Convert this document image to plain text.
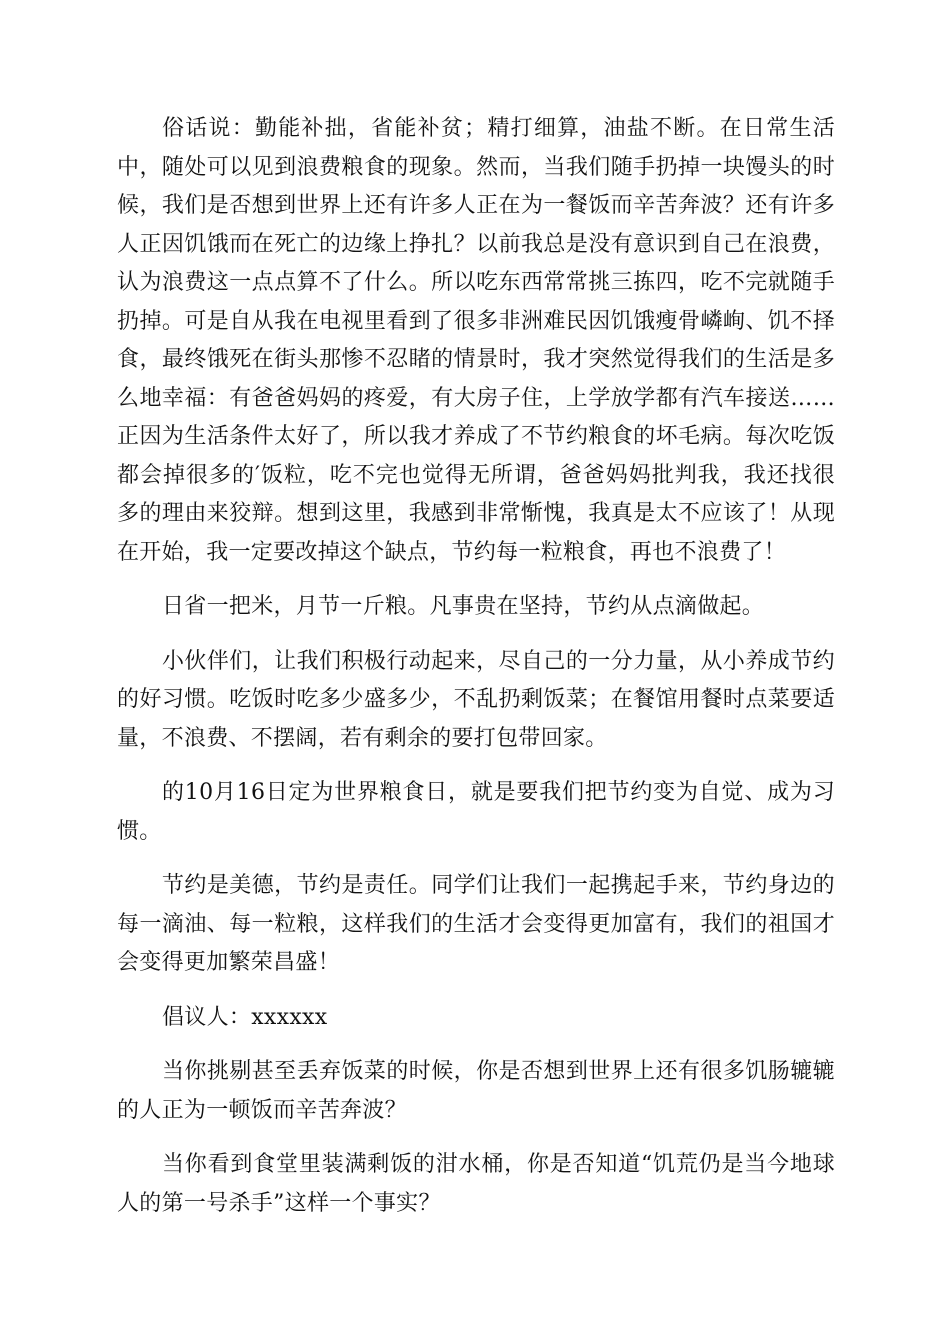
俗话说：勤能补拙，省能补贫；精打细算，油盐不断。在日常生活中，随处可以见到浪费粮食的现象。然而，当我们随手扔掉一块馒头的时候，我们是否想到世界上还有许多人正在为一餐饭而辛苦奔波？还有许多人正因饥饿而在死亡的边缘上挣扎？以前我总是没有意识到自己在浪费，认为浪费这一点点算不了什么。所以吃东西常常挑三拣四，吃不完就随手扔掉。可是自从我在电视里看到了很多非洲难民因饥饿瘦骨嶙峋、饥不择食，最终饿死在街头那惨不忍睹的情景时，我才突然觉得我们的生活是多么地幸福：有爸爸妈妈的疼爱，有大房子住，上学放学都有汽车接送……正因为生活条件太好了，所以我才养成了不节约粮食的坏毛病。每次吃饭都会掉很多的′饭粒，吃不完也觉得无所谓，爸爸妈妈批判我，我还找很多的理由来狡辩。想到这里，我感到非常惭愧，我真是太不应该了！从现在开始，我一定要改掉这个缺点，节约每一粒粮食，再也不浪费了！

日省一把米，月节一斤粮。凡事贵在坚持，节约从点滴做起。

小伙伴们，让我们积极行动起来，尽自己的一分力量，从小养成节约的好习惯。吃饭时吃多少盛多少，不乱扔剩饭菜；在餐馆用餐时点菜要适量，不浪费、不摆阔，若有剩余的要打包带回家。

的10月16日定为世界粮食日，就是要我们把节约变为自觉、成为习惯。

节约是美德，节约是责任。同学们让我们一起携起手来，节约身边的每一滴油、每一粒粮，这样我们的生活才会变得更加富有，我们的祖国才会变得更加繁荣昌盛！

倡议人：xxxxxx

当你挑剔甚至丢弃饭菜的时候，你是否想到世界上还有很多饥肠辘辘的人正为一顿饭而辛苦奔波？

当你看到食堂里装满剩饭的泔水桶，你是否知道“饥荒仍是当今地球人的第一号杀手”这样一个事实？
